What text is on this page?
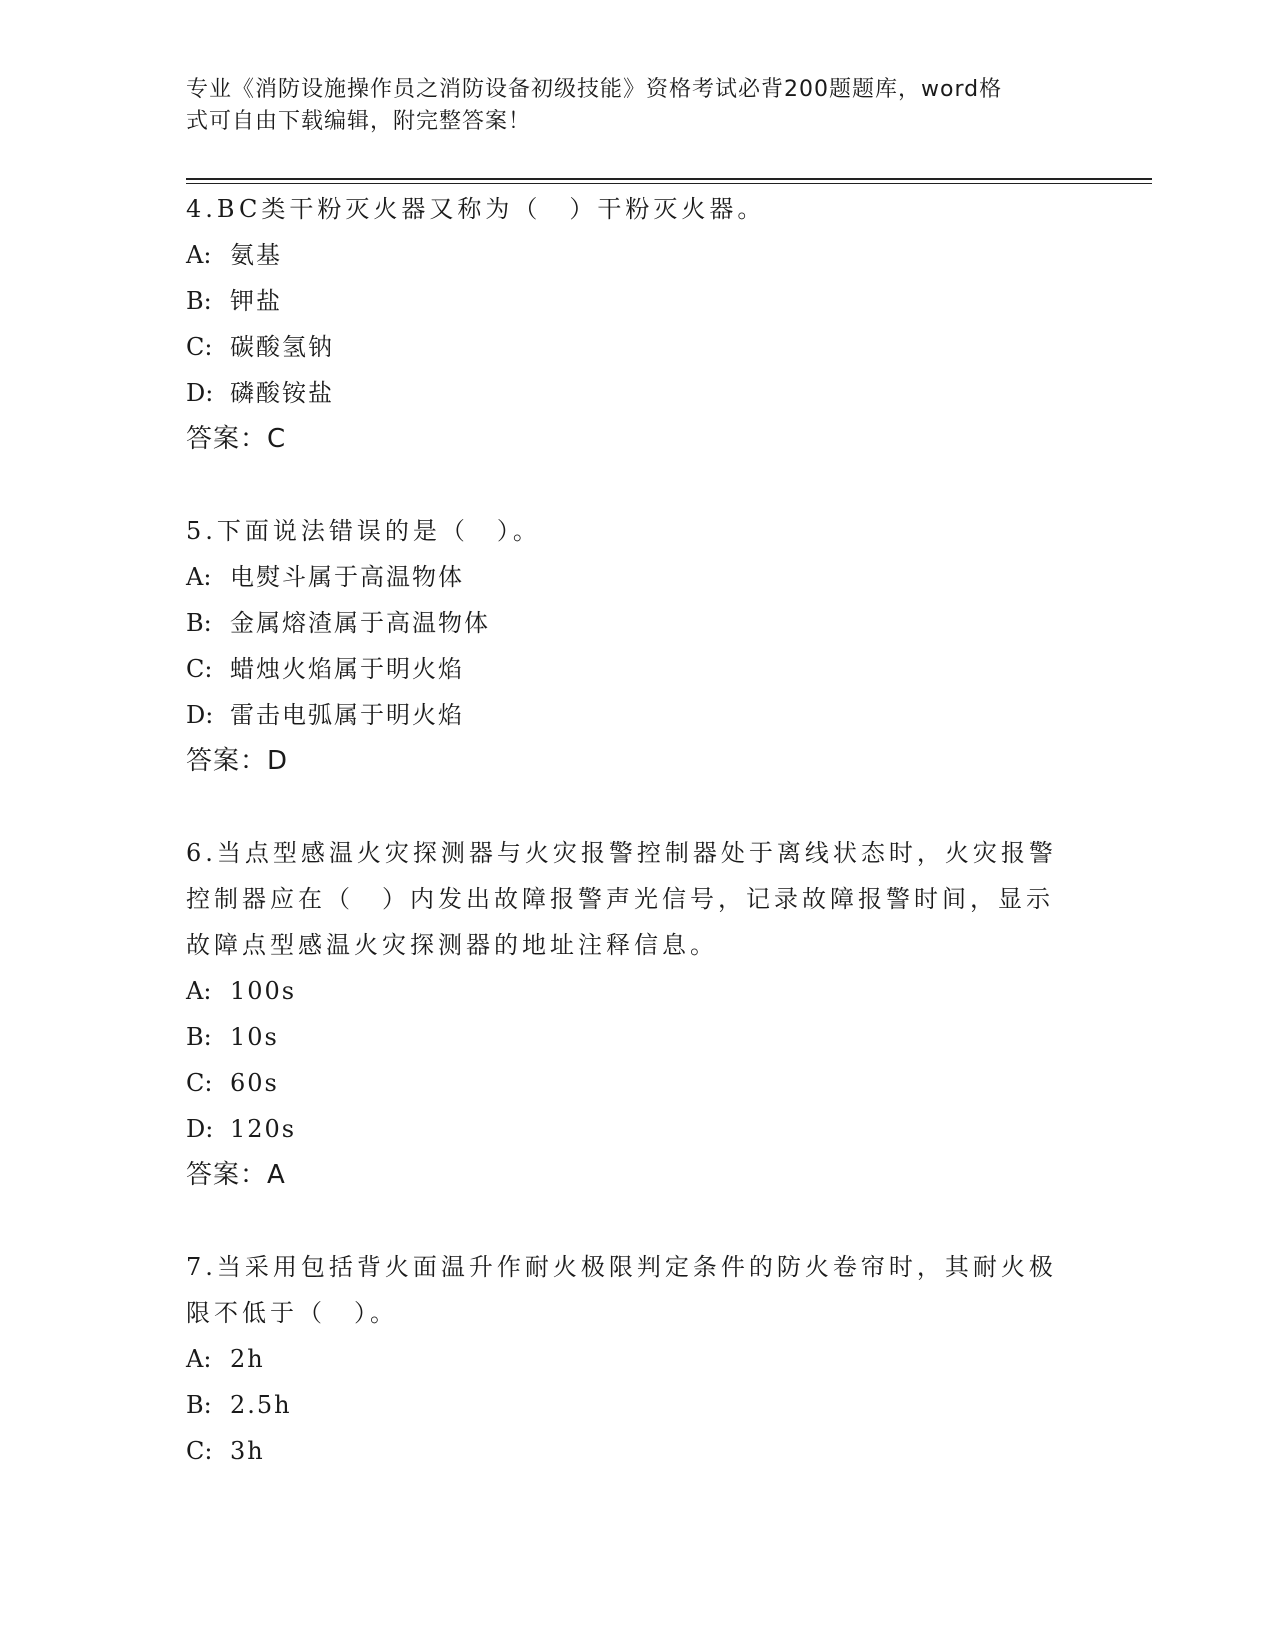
专业《消防设施操作员之消防设备初级技能》资格考试必背200题题库，word格
式可自由下载编辑，附完整答案！

4.BC类干粉灭火器又称为（　）干粉灭火器。

A: 氨基

B: 钾盐

C: 碳酸氢钠

D: 磷酸铵盐

答案：C

5.下面说法错误的是（　）。

A: 电熨斗属于高温物体

B: 金属熔渣属于高温物体

C: 蜡烛火焰属于明火焰

D: 雷击电弧属于明火焰

答案：D

6.当点型感温火灾探测器与火灾报警控制器处于离线状态时，火灾报警控制器应在（　）内发出故障报警声光信号，记录故障报警时间，显示故障点型感温火灾探测器的地址注释信息。

A: 100s

B: 10s

C: 60s

D: 120s

答案：A

7.当采用包括背火面温升作耐火极限判定条件的防火卷帘时，其耐火极限不低于（　）。

A: 2h

B: 2.5h

C: 3h
